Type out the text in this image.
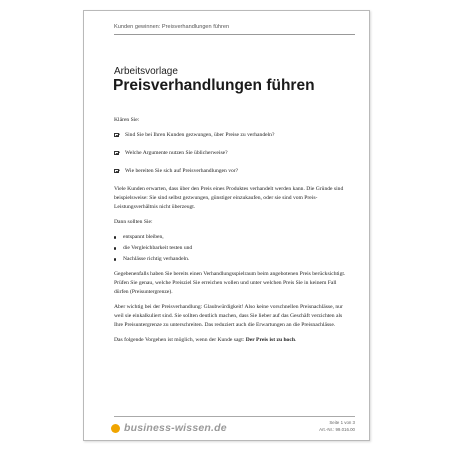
Kunden gewinnen: Preisverhandlungen führen
Arbeitsvorlage
Preisverhandlungen führen

Klären Sie:

Sind Sie bei Ihren Kunden gezwungen, über Preise zu verhandeln?
Welche Argumente nutzen Sie üblicherweise?
Wie bereiten Sie sich auf Preisverhandlungen vor?

Viele Kunden erwarten, dass über den Preis eines Produktes verhandelt werden kann. Die Gründe sind beispielsweise: Sie sind selbst gezwungen, günstiger einzukaufen, oder sie sind vom Preis-Leistungsverhältnis nicht überzeugt.

Dann sollten Sie:

entspannt bleiben,
die Vergleichbarkeit testen und
Nachlässe richtig verhandeln.

Gegebenenfalls haben Sie bereits einen Verhandlungsspielraum beim angebotenen Preis berücksichtigt. Prüfen Sie genau, welche Preisziel Sie erreichen wollen und unter welchen Preis Sie in keinem Fall dürfen (Preisuntergrenze).

Aber wichtig bei der Preisverhandlung: Glaubwürdigkeit! Also keine vorschnellen Preisnachlässe, nur weil sie einkalkuliert sind. Sie sollten deutlich machen, dass Sie lieber auf das Geschäft verzichten als Ihre Preisuntergrenze zu unterschreiten. Das reduziert auch die Erwartungen an die Preisnachlässe.

Das folgende Vorgehen ist möglich, wenn der Kunde sagt: Der Preis ist zu hoch.

business-wissen.de	Seite 1 von 3
Art.-Nr.: 99.016.00
